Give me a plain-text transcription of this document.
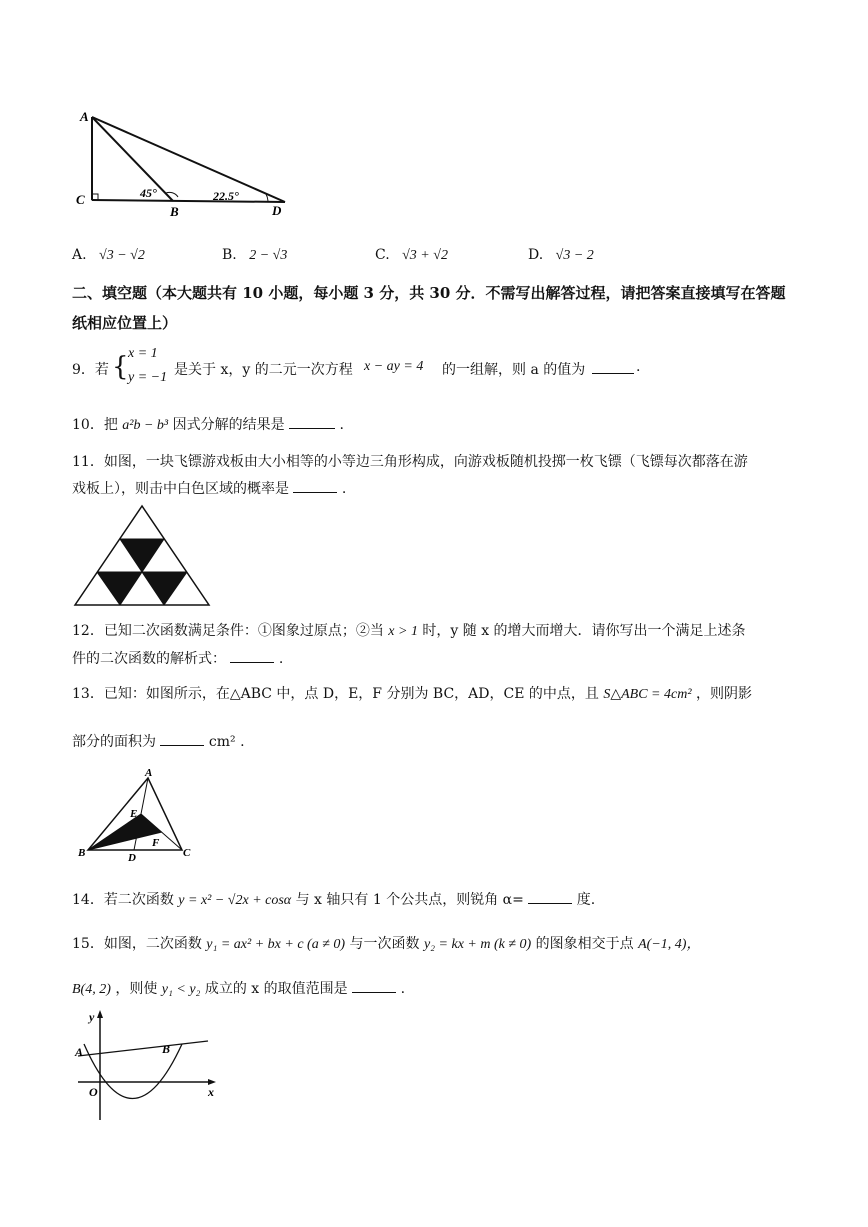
A
C
B	D
45°	22.5°
A. √3 − √2	B. 2 − √3	C. √3 + √2	D. √3 − 2
二、填空题（本大题共有 10 小题，每小题 3 分，共 30 分．不需写出解答过程，请把答案直接填写在答题纸相应位置上）
9．若 { x = 1
y = −1 是关于 x，y 的二元一次方程 x − ay = 4 的一组解，则 a 的值为	.
10．把 a²b − b³ 因式分解的结果是	.
11．如图，一块飞镖游戏板由大小相等的小等边三角形构成，向游戏板随机投掷一枚飞镖（飞镖每次都落在游
戏板上），则击中白色区域的概率是	.
12．已知二次函数满足条件：①图象过原点；②当 x > 1 时，y 随 x 的增大而增大．请你写出一个满足上述条
件的二次函数的解析式：	.
13．已知：如图所示，在△ABC 中，点 D，E，F 分别为 BC，AD，CE 的中点，且 S△ABC = 4cm² ，则阴影
部分的面积为	cm² .
A
B	C
D
E
F
14．若二次函数 y = x² − √2x + cosα 与 x 轴只有 1 个公共点，则锐角 α=	度.
15．如图，二次函数 y₁ = ax² + bx + c (a ≠ 0) 与一次函数 y₂ = kx + m (k ≠ 0) 的图象相交于点 A(−1, 4)，
B(4, 2) ，则使 y₁ < y₂ 成立的 x 的取值范围是	.
y
x
O
A	B
